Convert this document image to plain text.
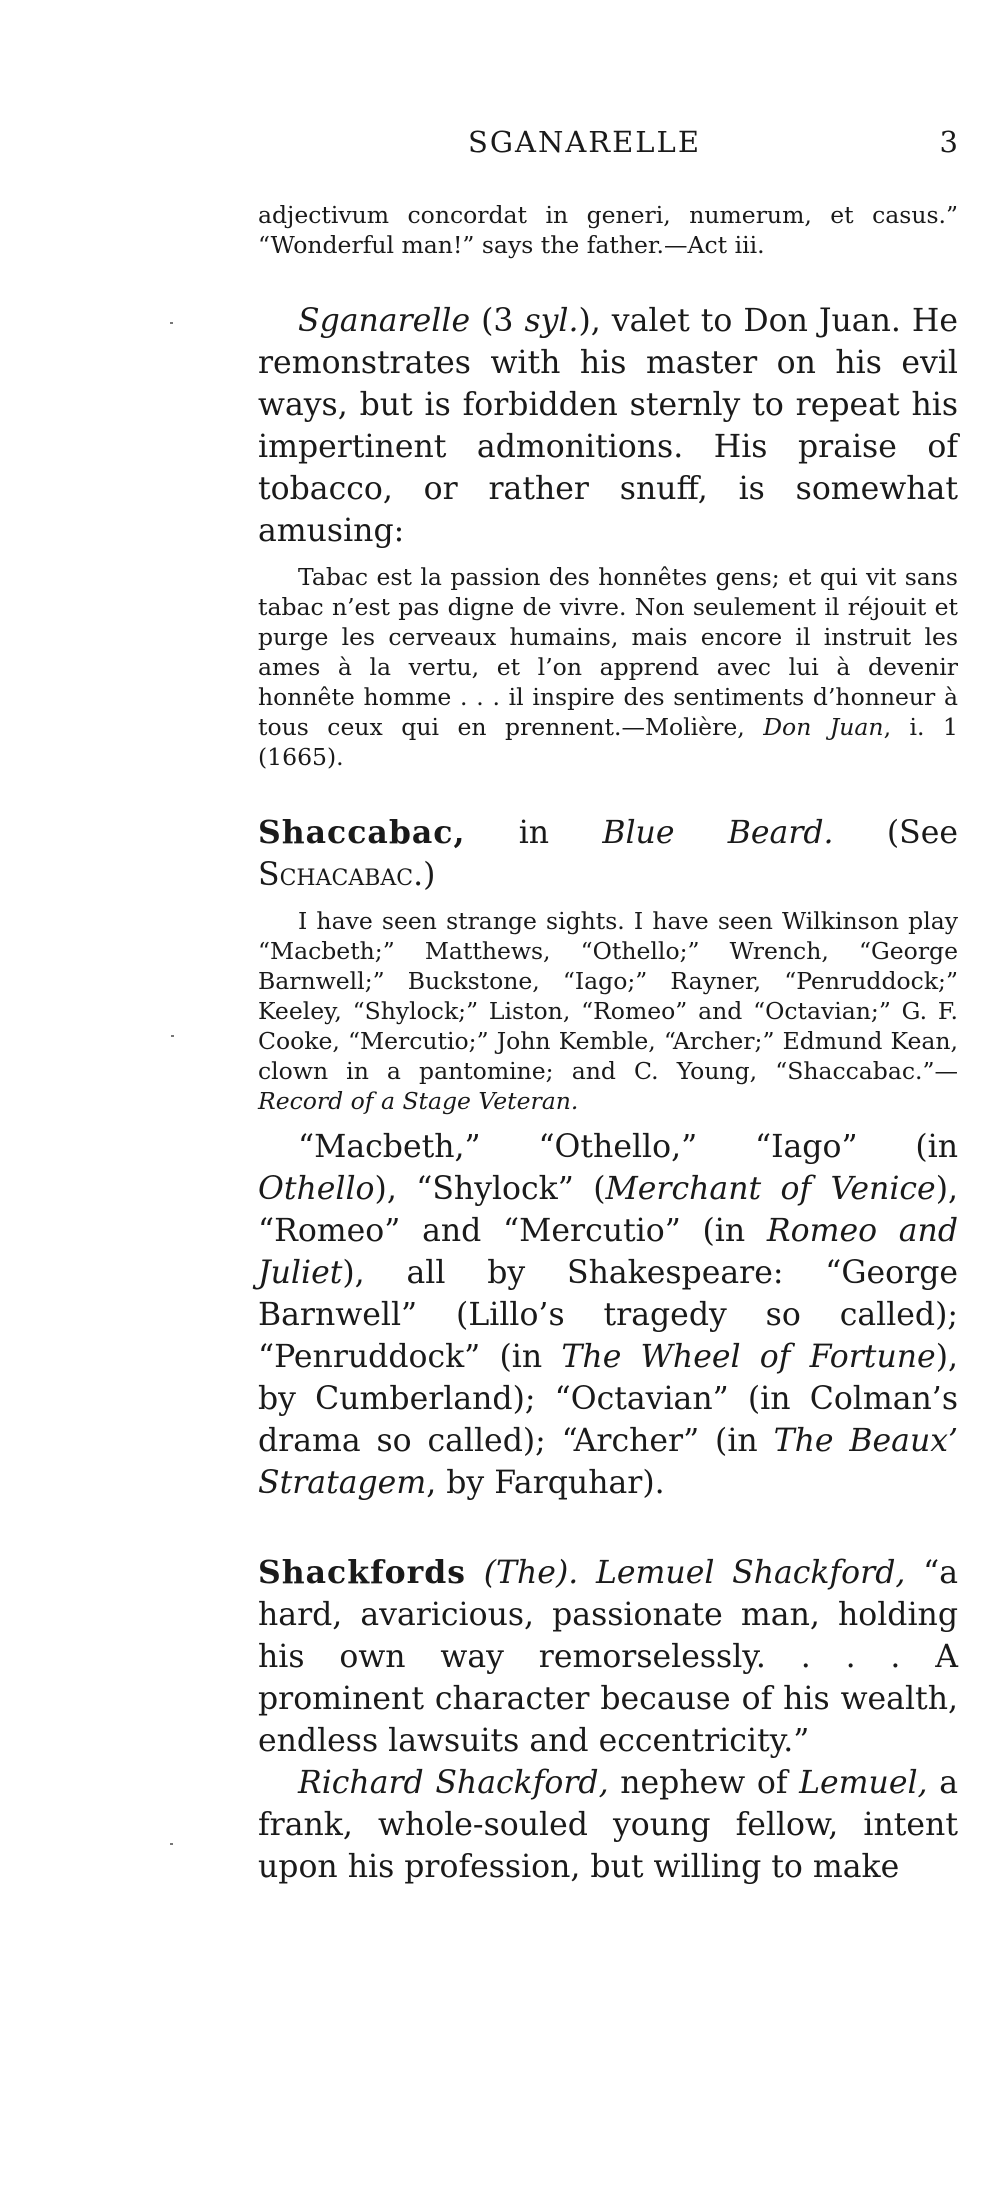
SGANARELLE	3

adjectivum concordat in generi, numerum, et casus.” “Wonderful man!” says the father.—Act iii.

Sganarelle (3 syl.), valet to Don Juan. He remonstrates with his master on his evil ways, but is forbidden sternly to repeat his impertinent admonitions. His praise of tobacco, or rather snuff, is somewhat amusing:

Tabac est la passion des honnêtes gens; et qui vit sans tabac n’est pas digne de vivre. Non seulement il réjouit et purge les cerveaux humains, mais encore il instruit les ames à la vertu, et l’on apprend avec lui à devenir honnête homme . . . il inspire des sentiments d’honneur à tous ceux qui en prennent.—Molière, Don Juan, i. 1 (1665).

Shaccabac, in Blue Beard. (See Schacabac.)

I have seen strange sights. I have seen Wilkinson play “Macbeth;” Matthews, “Othello;” Wrench, “George Barnwell;” Buckstone, “Iago;” Rayner, “Penruddock;” Keeley, “Shylock;” Liston, “Romeo” and “Octavian;” G. F. Cooke, “Mercutio;” John Kemble, “Archer;” Edmund Kean, clown in a pantomine; and C. Young, “Shaccabac.”—Record of a Stage Veteran.

“Macbeth,” “Othello,” “Iago” (in Othello), “Shylock” (Merchant of Venice), “Romeo” and “Mercutio” (in Romeo and Juliet), all by Shakespeare: “George Barnwell” (Lillo’s tragedy so called); “Penruddock” (in The Wheel of Fortune), by Cumberland); “Octavian” (in Colman’s drama so called); “Archer” (in The Beaux’ Stratagem, by Farquhar).

Shackfords (The). Lemuel Shackford, “a hard, avaricious, passionate man, holding his own way remorselessly. . . . A prominent character because of his wealth, endless lawsuits and eccentricity.”

Richard Shackford, nephew of Lemuel, a frank, whole-souled young fellow, intent upon his profession, but willing to make
